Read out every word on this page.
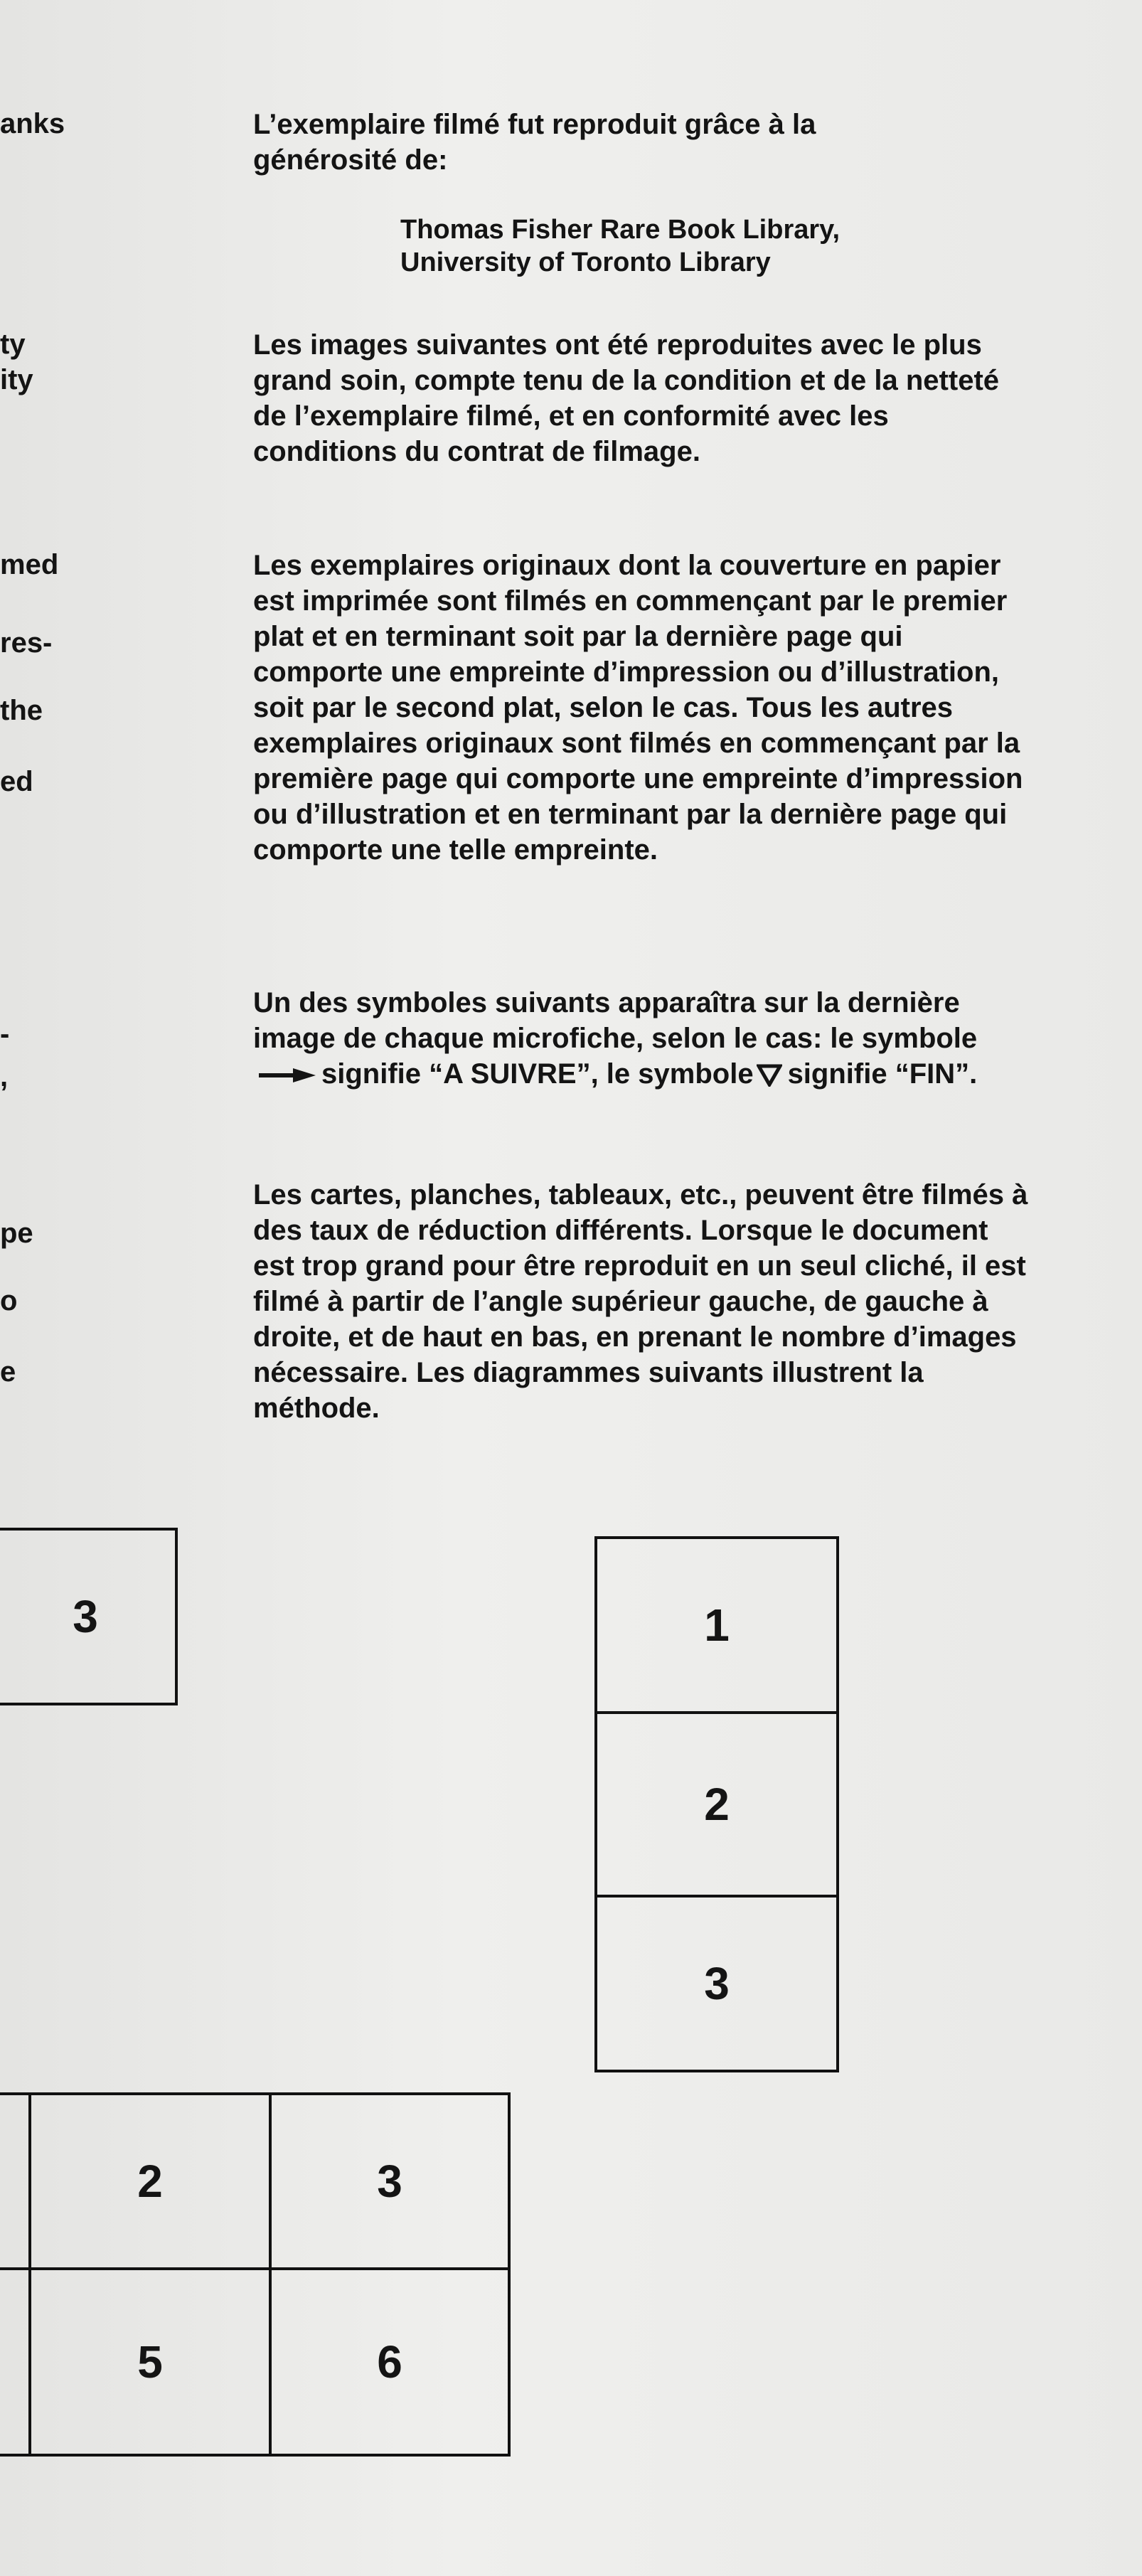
anks
ty
ity
med
res-
the
ed
-
,
pe
o
e

L’exemplaire filmé fut reproduit grâce à la générosité de:

Thomas Fisher Rare Book Library,

University of Toronto Library

Les images suivantes ont été reproduites avec le plus grand soin, compte tenu de la condition et de la netteté de l’exemplaire filmé, et en conformité avec les conditions du contrat de filmage.

Les exemplaires originaux dont la couverture en papier est imprimée sont filmés en commençant par le premier plat et en terminant soit par la dernière page qui comporte une empreinte d’impression ou d’illustration, soit par le second plat, selon le cas. Tous les autres exemplaires originaux sont filmés en commençant par la première page qui comporte une empreinte d’impression ou d’illustration et en terminant par la dernière page qui comporte une telle empreinte.

Un des symboles suivants apparaîtra sur la dernière image de chaque microfiche, selon le cas: le symbolesignifie “A SUIVRE”, le symbole signifie “FIN”.

Les cartes, planches, tableaux, etc., peuvent être filmés à des taux de réduction différents. Lorsque le document est trop grand pour être reproduit en un seul cliché, il est filmé à partir de l’angle supérieur gauche, de gauche à droite, et de haut en bas, en prenant le nombre d’images nécessaire. Les diagrammes suivants illustrent la méthode.

3	1
2
3
2	3
5	6
